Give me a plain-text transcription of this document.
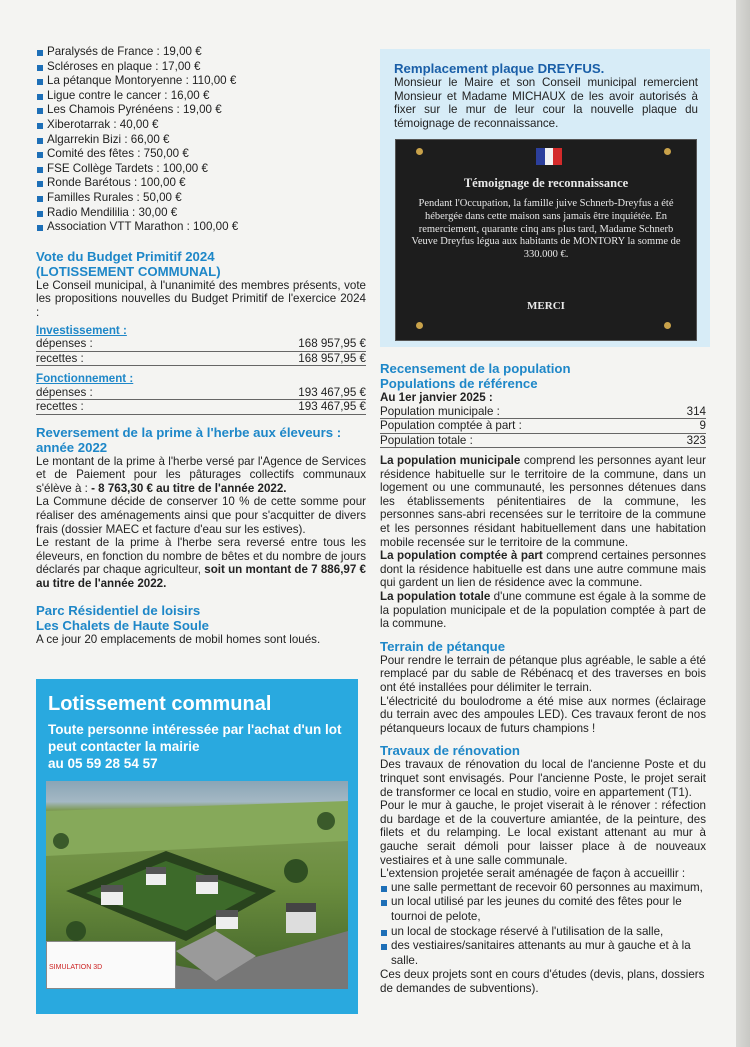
Paralysés de France : 19,00 €
Scléroses en plaque : 17,00 €
La pétanque Montoryenne : 110,00 €
Ligue contre le cancer : 16,00 €
Les Chamois Pyrénéens : 19,00 €
Xiberotarrak : 40,00 €
Algarrekin Bizi : 66,00 €
Comité des fêtes : 750,00 €
FSE Collège Tardets : 100,00 €
Ronde Barétous : 100,00 €
Familles Rurales : 50,00 €
Radio Mendililia : 30,00 €
Association VTT Marathon : 100,00 €
Vote du Budget Primitif 2024
(LOTISSEMENT COMMUNAL)

Le Conseil municipal, à l'unanimité des membres présents, vote les propositions nouvelles du Budget Primitif de l'exercice 2024 :

Investissement :
dépenses :	168 957,95 €
recettes :	168 957,95 €
Fonctionnement :
dépenses :	193 467,95 €
recettes :	193 467,95 €
Reversement de la prime à l'herbe aux éleveurs : année 2022

Le montant de la prime à l'herbe versé par l'Agence de Services et de Paiement pour les pâturages collectifs communaux s'élève à : - 8 763,30 € au titre de l'année 2022.

La Commune décide de conserver 10 % de cette somme pour réaliser des aménagements ainsi que pour s'acquitter de divers frais (dossier MAEC et facture d'eau sur les estives).

Le restant de la prime à l'herbe sera reversé entre tous les éleveurs, en fonction du nombre de bêtes et du nombre de jours déclarés par chaque agriculteur, soit un montant de 7 886,97 € au titre de l'année 2022.

Parc Résidentiel de loisirs
Les Chalets de Haute Soule

A ce jour 20 emplacements de mobil homes sont loués.

Lotissement communal
Toute personne intéressée par l'achat d'un lot
peut contacter la mairie
au 05 59 28 54 57
SIMULATION 3D
Remplacement plaque DREYFUS.

Monsieur le Maire et son Conseil municipal remercient Monsieur et Madame MICHAUX de les avoir autorisés à fixer sur le mur de leur cour la nouvelle plaque du témoignage de reconnaissance.

Témoignage de reconnaissance
Pendant l'Occupation, la famille juive Schnerb-Dreyfus a été hébergée dans cette maison sans jamais être inquiétée. En remerciement, quarante cinq ans plus tard, Madame Schnerb Veuve Dreyfus légua aux habitants de MONTORY la somme de 330.000 €.
MERCI
Recensement de la population
Populations de référence

Au 1er janvier 2025 :

Population municipale :	314
Population comptée à part :	9
Population totale :	323

La population municipale comprend les personnes ayant leur résidence habituelle sur le territoire de la commune, dans un logement ou une communauté, les personnes détenues dans les établissements pénitentiaires de la commune, les personnes sans-abri recensées sur le territoire de la commune et les personnes résidant habituellement dans une habitation mobile recensée sur le territoire de la commune.

La population comptée à part comprend certaines personnes dont la résidence habituelle est dans une autre commune mais qui gardent un lien de résidence avec la commune.

La population totale d'une commune est égale à la somme de la population municipale et de la population comptée à part de la commune.

Terrain de pétanque

Pour rendre le terrain de pétanque plus agréable, le sable a été remplacé par du sable de Rébénacq et des traverses en bois ont été installées pour délimiter le terrain.

L'électricité du boulodrome a été mise aux normes (éclairage du terrain avec des ampoules LED). Ces travaux feront de nos pétanqueurs locaux de futurs champions !

Travaux de rénovation

Des travaux de rénovation du local de l'ancienne Poste et du trinquet sont envisagés. Pour l'ancienne Poste, le projet serait de transformer ce local en studio, voire en appartement (T1).

Pour le mur à gauche, le projet viserait à le rénover : réfection du bardage et de la couverture amiantée, de la peinture, des filets et du relamping. Le local existant attenant au mur à gauche serait démoli pour laisser place à de nouveaux vestiaires et à une salle communale.

L'extension projetée serait aménagée de façon à accueillir :

une salle permettant de recevoir 60 personnes au maximum,
un local utilisé par les jeunes du comité des fêtes pour le tournoi de pelote,
un local de stockage réservé à l'utilisation de la salle,
des vestiaires/sanitaires attenants au mur à gauche et à la salle.

Ces deux projets sont en cours d'études (devis, plans, dossiers de demandes de subventions).
